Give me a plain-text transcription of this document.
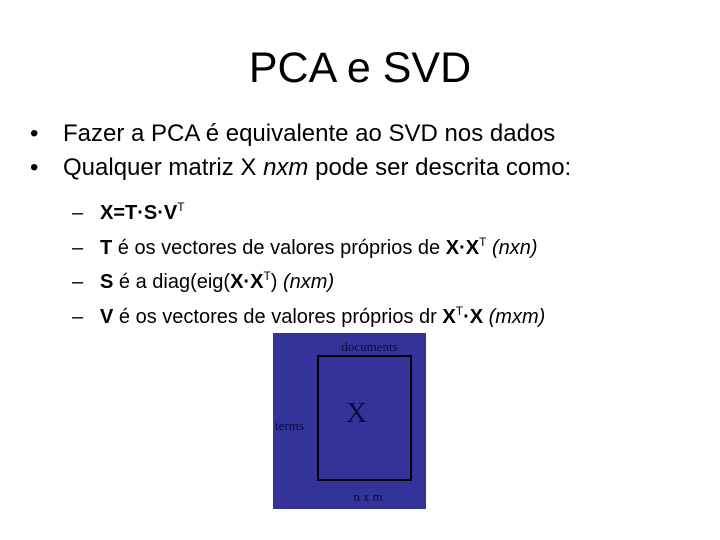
PCA e SVD
• Fazer a PCA é equivalente ao SVD nos dados
• Qualquer matriz X nxm pode ser descrita como:
– $X=T\cdot S\cdot V^T$
– T é os vectores de valores próprios de $X\cdot X^T$ (nxn)
– S é a $diag(eig(X\cdot X^T)$ (nxm)
– V é os vectores de valores próprios dr $X^T\cdot X$ (mxm)
documents
terms X
nxm
